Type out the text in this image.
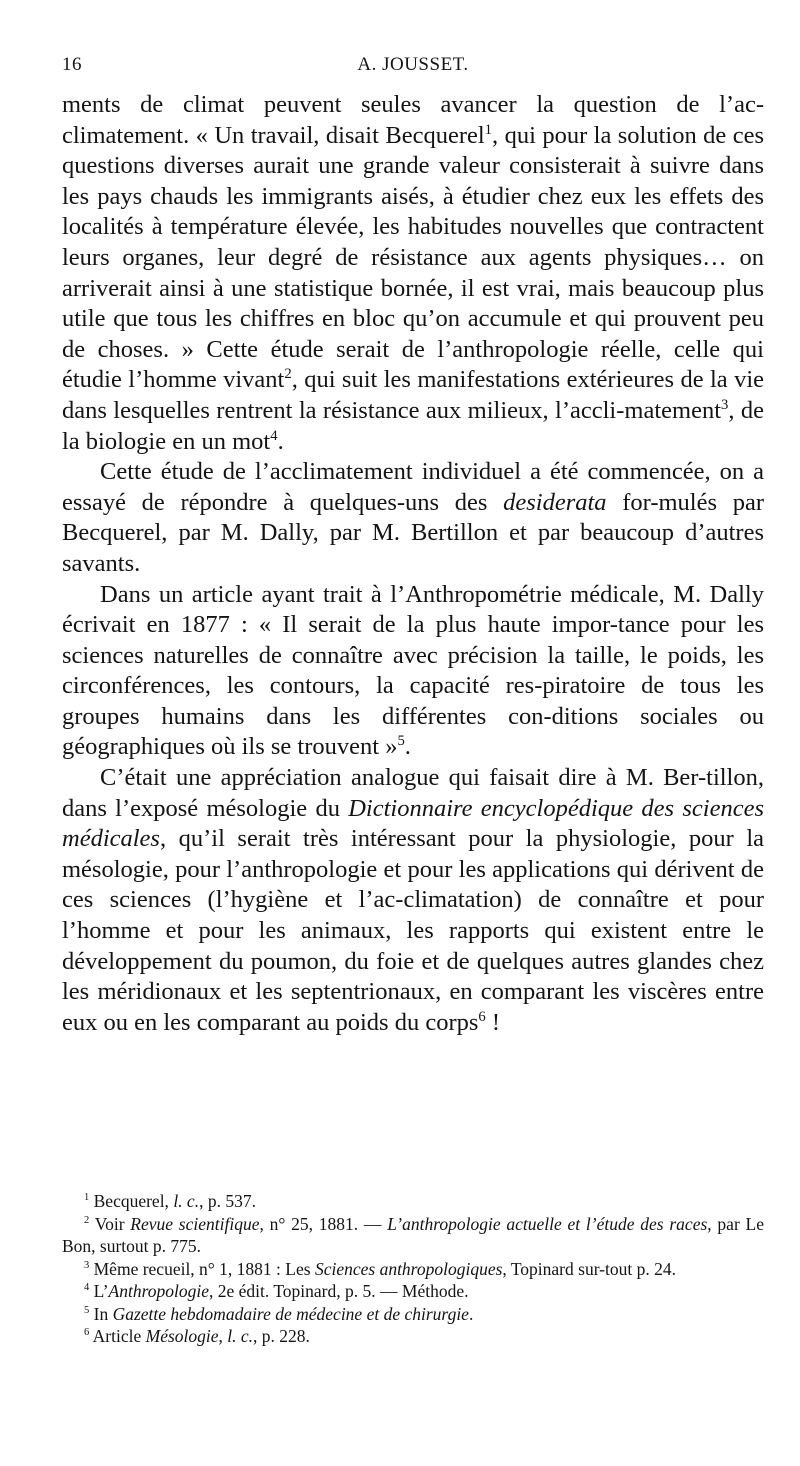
16	A. JOUSSET.

ments de climat peuvent seules avancer la question de l’ac-climatement. « Un travail, disait Becquerel$^1$, qui pour la solution de ces questions diverses aurait une grande valeur consisterait à suivre dans les pays chauds les immigrants aisés, à étudier chez eux les effets des localités à température élevée, les habitudes nouvelles que contractent leurs organes, leur degré de résistance aux agents physiques… on arriverait ainsi à une statistique bornée, il est vrai, mais beaucoup plus utile que tous les chiffres en bloc qu’on accumule et qui prouvent peu de choses. » Cette étude serait de l’anthropologie réelle, celle qui étudie l’homme vivant$^2$, qui suit les manifestations extérieures de la vie dans lesquelles rentrent la résistance aux milieux, l’accli-matement$^3$, de la biologie en un mot$^4$.

Cette étude de l’acclimatement individuel a été commencée, on a essayé de répondre à quelques-uns des desiderata for-mulés par Becquerel, par M. Dally, par M. Bertillon et par beaucoup d’autres savants.

Dans un article ayant trait à l’Anthropométrie médicale, M. Dally écrivait en 1877 : « Il serait de la plus haute impor-tance pour les sciences naturelles de connaître avec précision la taille, le poids, les circonférences, les contours, la capacité res-piratoire de tous les groupes humains dans les différentes con-ditions sociales ou géographiques où ils se trouvent »$^5$.

C’était une appréciation analogue qui faisait dire à M. Ber-tillon, dans l’exposé mésologie du Dictionnaire encyclopédique des sciences médicales, qu’il serait très intéressant pour la physiologie, pour la mésologie, pour l’anthropologie et pour les applications qui dérivent de ces sciences (l’hygiène et l’ac-climatation) de connaître et pour l’homme et pour les animaux, les rapports qui existent entre le développement du poumon, du foie et de quelques autres glandes chez les méridionaux et les septentrionaux, en comparant les viscères entre eux ou en les comparant au poids du corps$^6$ !

$^1$ Becquerel, l. c., p. 537.

$^2$ Voir Revue scientifique, n° 25, 1881. — L’anthropologie actuelle et l’étude des races, par Le Bon, surtout p. 775.

$^3$ Même recueil, n° 1, 1881 : Les Sciences anthropologiques, Topinard sur-tout p. 24.

$^4$ L’Anthropologie, 2e édit. Topinard, p. 5. — Méthode.

$^5$ In Gazette hebdomadaire de médecine et de chirurgie.

$^6$ Article Mésologie, l. c., p. 228.
